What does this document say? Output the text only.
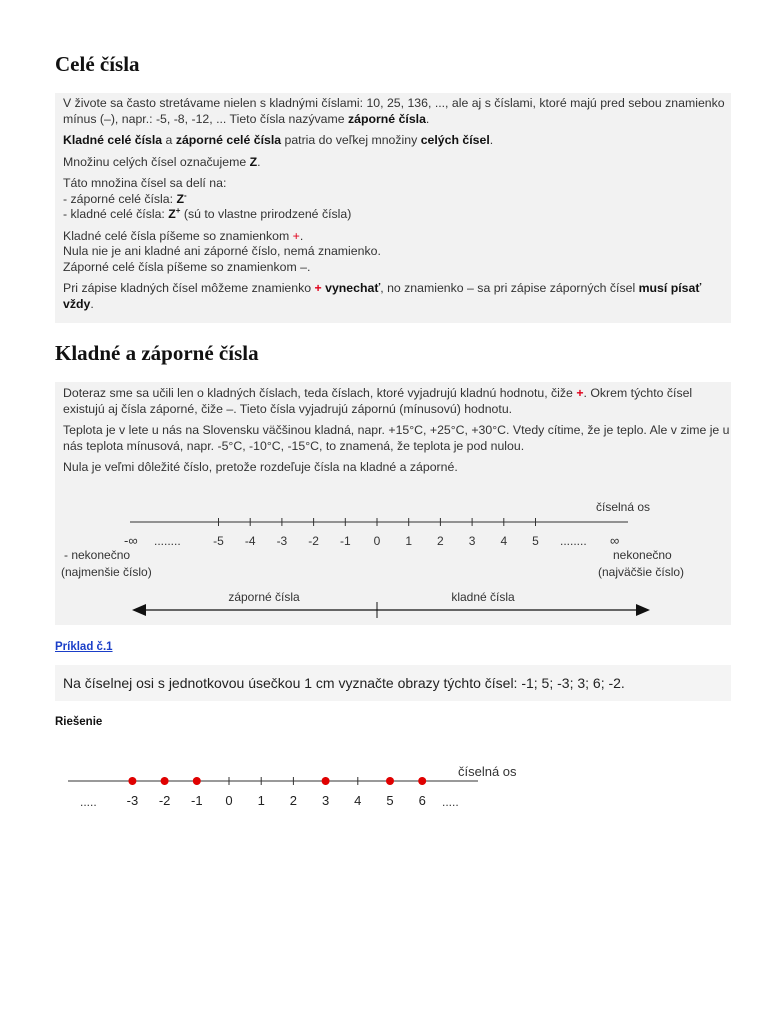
Celé čísla

V živote sa často stretávame nielen s kladnými číslami: 10, 25, 136, ..., ale aj s číslami, ktoré majú pred sebou znamienko mínus (–), napr.: -5, -8, -12, ... Tieto čísla nazývame záporné čísla.

Kladné celé čísla a záporné celé čísla patria do veľkej množiny celých čísel.

Množinu celých čísel označujeme Z.

Táto množina čísel sa delí na:
- záporné celé čísla: Z-
- kladné celé čísla: Z+ (sú to vlastne prirodzené čísla)

Kladné celé čísla píšeme so znamienkom +.
Nula nie je ani kladné ani záporné číslo, nemá znamienko.
Záporné celé čísla píšeme so znamienkom –.

Pri zápise kladných čísel môžeme znamienko + vynechať, no znamienko – sa pri zápise záporných čísel musí písať vždy.

Kladné a záporné čísla

Doteraz sme sa učili len o kladných číslach, teda číslach, ktoré vyjadrujú kladnú hodnotu, čiže +. Okrem týchto čísel existujú aj čísla záporné, čiže –. Tieto čísla vyjadrujú zápornú (mínusovú) hodnotu.

Teplota je v lete u nás na Slovensku väčšinou kladná, napr. +15°C, +25°C, +30°C. Vtedy cítime, že je teplo. Ale v zime je u nás teplota mínusová, napr. -5°C, -10°C, -15°C, to znamená, že teplota je pod nulou.

Nula je veľmi dôležité číslo, pretože rozdeľuje čísla na kladné a záporné.

číselná os
-5 -4 -3 -2 -1 0 1 2 3 4 5
........	........
-∞	∞
- nekonečno
(najmenšie číslo)
nekonečno
(najväčšie číslo)
záporné čísla	kladné čísla
číselná os
-3 -2 -1 0 1 2 3 4 5 6
.....	.....
Príklad č.1
Na číselnej osi s jednotkovou úsečkou 1 cm vyznačte obrazy týchto čísel: -1; 5; -3; 3; 6; -2.
Riešenie
